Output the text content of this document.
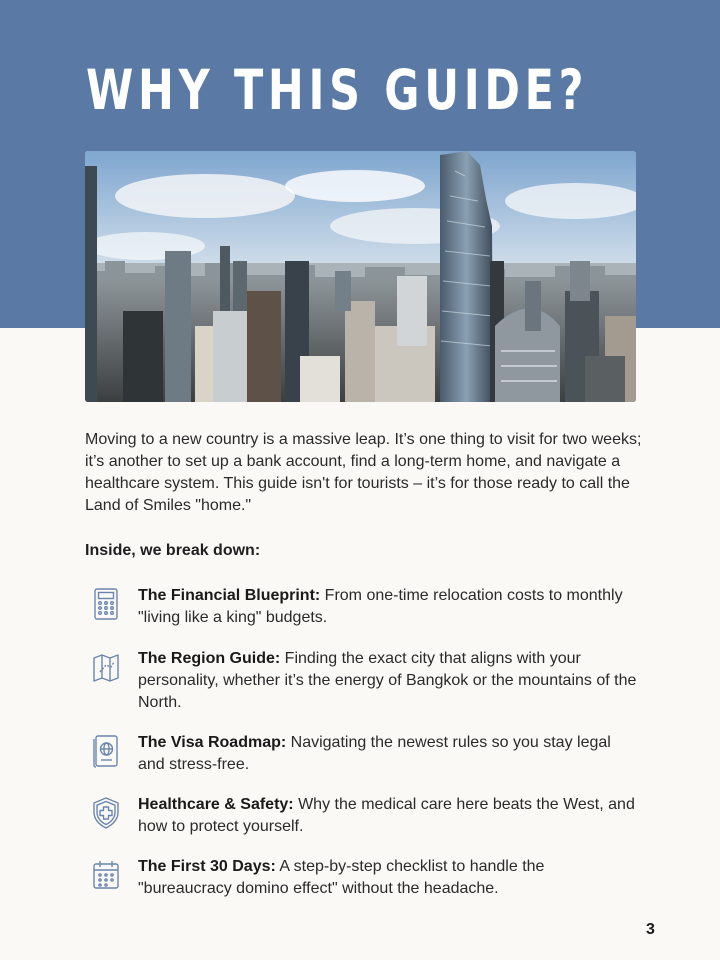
WHY THIS GUIDE?

Moving to a new country is a massive leap. It’s one thing to visit for two weeks; it’s another to set up a bank account, find a long-term home, and navigate a healthcare system. This guide isn't for tourists – it’s for those ready to call the Land of Smiles "home."

Inside, we break down:

The Financial Blueprint: From one-time relocation costs to monthly "living like a king" budgets.

The Region Guide: Finding the exact city that aligns with your personality, whether it’s the energy of Bangkok or the mountains of the North.

The Visa Roadmap: Navigating the newest rules so you stay legal and stress-free.

Healthcare & Safety: Why the medical care here beats the West, and how to protect yourself.

The First 30 Days: A step-by-step checklist to handle the "bureaucracy domino effect" without the headache.

3
